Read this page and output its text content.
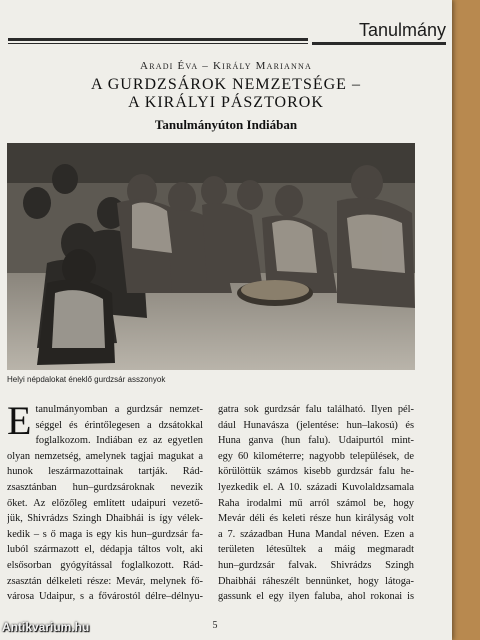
Tanulmány
Aradi Éva – Király Marianna
A GURDZSÁROK NEMZETSÉGE –
A KIRÁLYI PÁSZTOROK
Tanulmányúton Indiában
Helyi népdalokat éneklő gurdzsár asszonyok
E tanulmányomban a gurdzsár nemzet-
séggel és érintőlegesen a dzsátokkal
foglalkozom. Indiában ez az egyetlen
olyan nemzetség, amelynek tagjai magukat a
hunok leszármazottainak tartják. Rád-
zsasztánban hun–gurdzsároknak nevezik
őket. Az előzőleg említett udaipuri vezető-
jük, Shivrádzs Szingh Dhaibhái is így vélek-
kedik – s ő maga is egy kis hun–gurdzsár fa-
luból származott el, dédapja táltos volt, aki
elsősorban gyógyítással foglalkozott. Rád-
zsasztán délkeleti része: Mevár, melynek fő-
városa Udaipur, s a fővárostól délre–délnyu-
gatra sok gurdzsár falu található. Ilyen pél-
dául Hunavásza (jelentése: hun–lakosú) és
Huna ganva (hun falu). Udaipurtól mint-
egy 60 kilométerre; nagyobb települések, de
körülöttük számos kisebb gurdzsár falu he-
lyezkedik el. A 10. századi Kuvolaldzsamala
Raha irodalmi mű arról számol be, hogy
Mevár déli és keleti része hun királyság volt
a 7. században Huna Mandal néven. Ezen a
területen létesültek a máig megmaradt
hun–gurdzsár falvak. Shivrádzs Szingh
Dhaibhái ráheszélt bennünket, hogy látoga-
gassunk el egy ilyen faluba, ahol rokonai is
5
Antikvarium.hu
